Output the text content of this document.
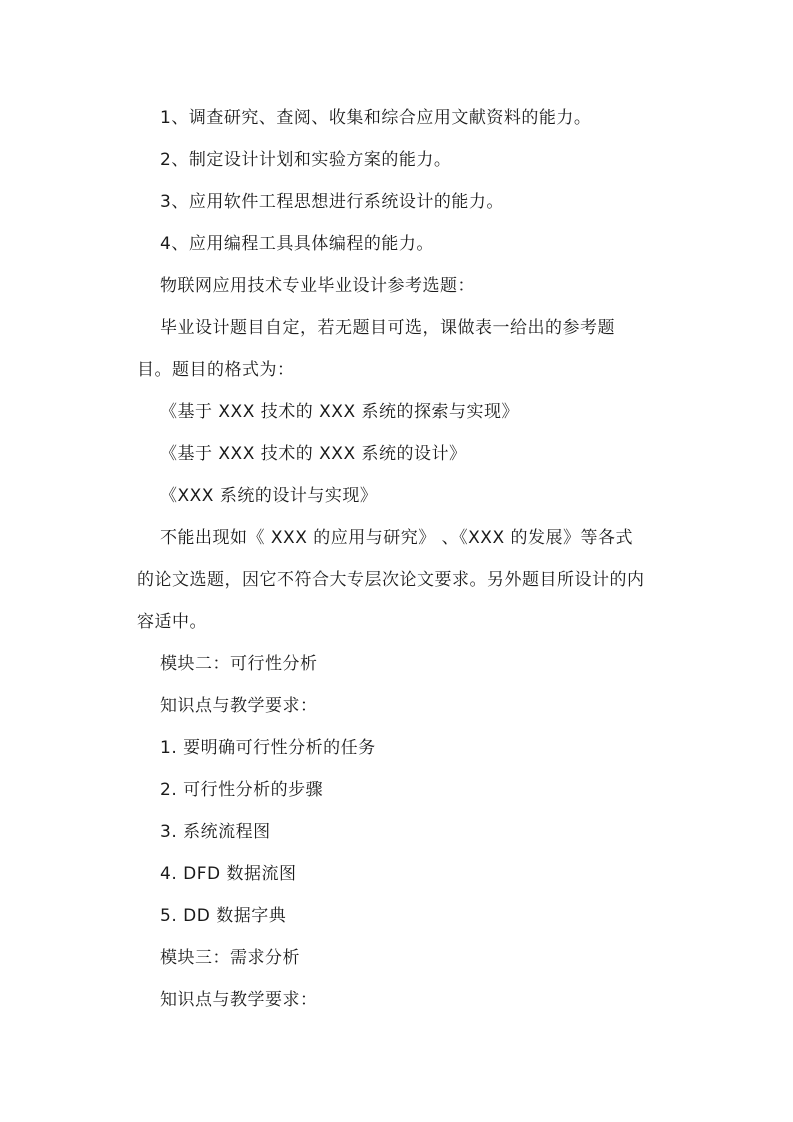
1、调查研究、查阅、收集和综合应用文献资料的能力。
2、制定设计计划和实验方案的能力。
3、应用软件工程思想进行系统设计的能力。
4、应用编程工具具体编程的能力。
物联网应用技术专业毕业设计参考选题：
毕业设计题目自定，若无题目可选，课做表一给出的参考题
目。题目的格式为：
《基于 XXX 技术的 XXX 系统的探索与实现》
《基于 XXX 技术的 XXX 系统的设计》
《XXX 系统的设计与实现》
不能出现如《 XXX 的应用与研究》 、《XXX 的发展》等各式
的论文选题，因它不符合大专层次论文要求。另外题目所设计的内
容适中。
模块二：可行性分析
知识点与教学要求：
1. 要明确可行性分析的任务
2. 可行性分析的步骤
3. 系统流程图
4. DFD 数据流图
5. DD 数据字典
模块三：需求分析
知识点与教学要求：
